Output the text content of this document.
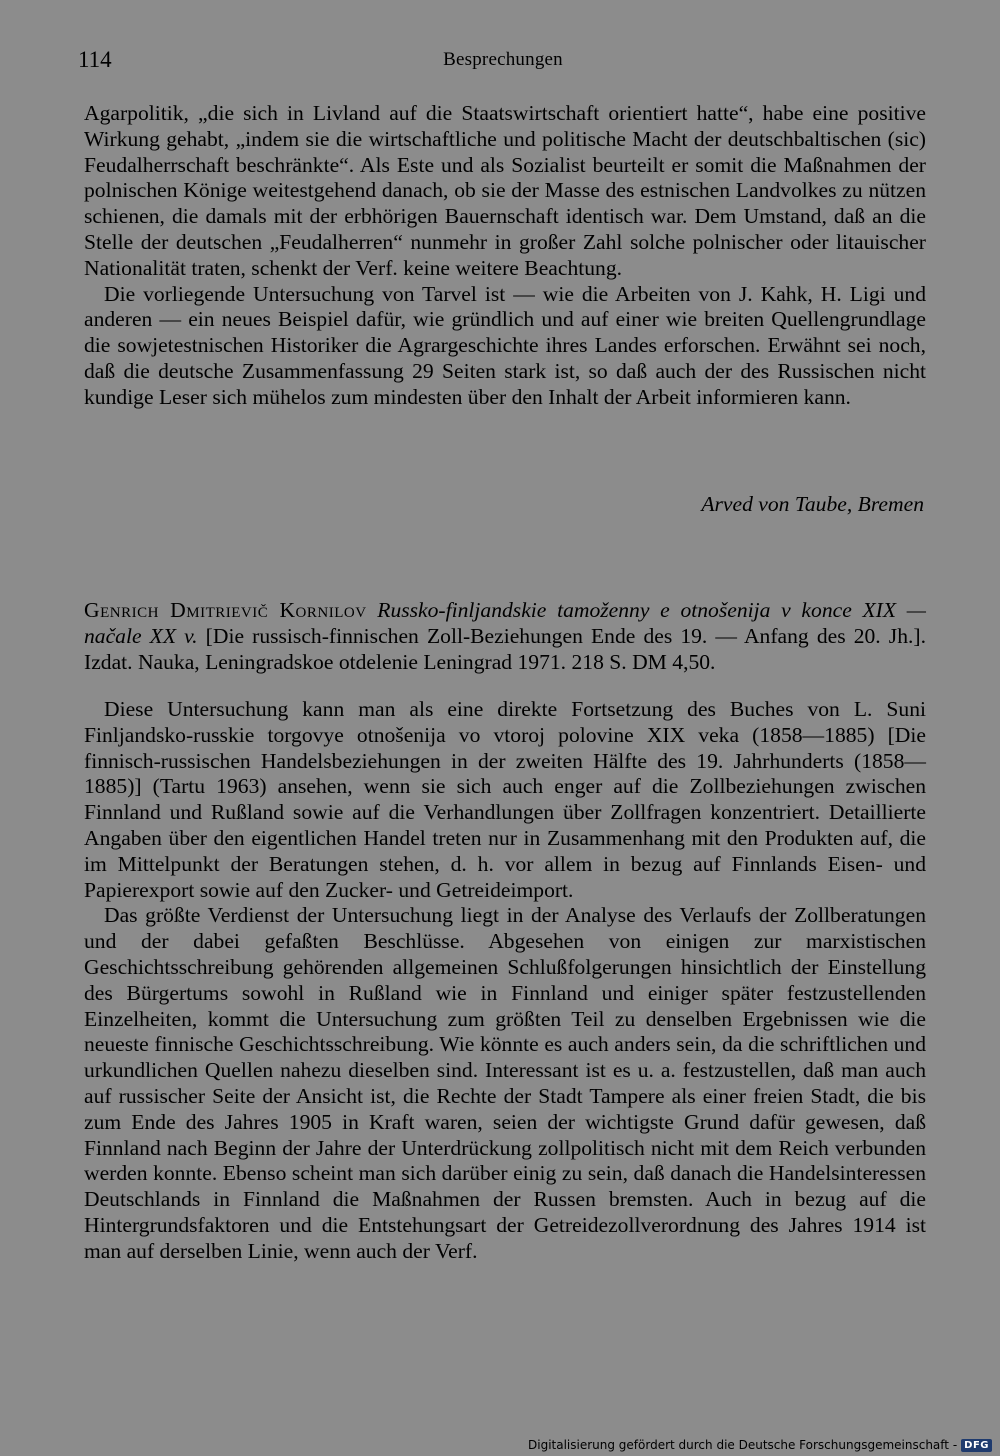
114	Besprechungen

Agarpolitik, „die sich in Livland auf die Staatswirtschaft orientiert hatte“, habe eine positive Wirkung gehabt, „indem sie die wirtschaftliche und politische Macht der deutschbaltischen (sic) Feudalherrschaft beschränkte“. Als Este und als Sozialist beurteilt er somit die Maßnahmen der polnischen Könige weitestgehend danach, ob sie der Masse des estnischen Landvolkes zu nützen schienen, die damals mit der erbhörigen Bauernschaft identisch war. Dem Umstand, daß an die Stelle der deutschen „Feudalherren“ nunmehr in großer Zahl solche polnischer oder litauischer Nationalität traten, schenkt der Verf. keine weitere Beachtung.

Die vorliegende Untersuchung von Tarvel ist — wie die Arbeiten von J. Kahk, H. Ligi und anderen — ein neues Beispiel dafür, wie gründlich und auf einer wie breiten Quellengrundlage die sowjetestnischen Historiker die Agrargeschichte ihres Landes erforschen. Erwähnt sei noch, daß die deutsche Zusammenfassung 29 Seiten stark ist, so daß auch der des Russischen nicht kundige Leser sich mühelos zum mindesten über den Inhalt der Arbeit informieren kann.

Arved von Taube, Bremen
Genrich Dmitrievič Kornilov Russko-finljandskie tamoženny e otnošenija v konce XIX — načale XX v. [Die russisch-finnischen Zoll-Beziehungen Ende des 19. — Anfang des 20. Jh.]. Izdat. Nauka, Leningradskoe otdelenie Leningrad 1971. 218 S. DM 4,50.

Diese Untersuchung kann man als eine direkte Fortsetzung des Buches von L. Suni Finljandsko-russkie torgovye otnošenija vo vtoroj polovine XIX veka (1858—1885) [Die finnisch-russischen Handelsbeziehungen in der zweiten Hälfte des 19. Jahrhunderts (1858—1885)] (Tartu 1963) ansehen, wenn sie sich auch enger auf die Zollbeziehungen zwischen Finnland und Rußland sowie auf die Verhandlungen über Zollfragen konzentriert. Detaillierte Angaben über den eigentlichen Handel treten nur in Zusammenhang mit den Produkten auf, die im Mittelpunkt der Beratungen stehen, d. h. vor allem in bezug auf Finnlands Eisen- und Papierexport sowie auf den Zucker- und Getreideimport.

Das größte Verdienst der Untersuchung liegt in der Analyse des Verlaufs der Zollberatungen und der dabei gefaßten Beschlüsse. Abgesehen von einigen zur marxistischen Geschichtsschreibung gehörenden allgemeinen Schlußfolgerungen hinsichtlich der Einstellung des Bürgertums sowohl in Rußland wie in Finnland und einiger später festzustellenden Einzelheiten, kommt die Untersuchung zum größten Teil zu denselben Ergebnissen wie die neueste finnische Geschichtsschreibung. Wie könnte es auch anders sein, da die schriftlichen und urkundlichen Quellen nahezu dieselben sind. Interessant ist es u. a. festzustellen, daß man auch auf russischer Seite der Ansicht ist, die Rechte der Stadt Tampere als einer freien Stadt, die bis zum Ende des Jahres 1905 in Kraft waren, seien der wichtigste Grund dafür gewesen, daß Finnland nach Beginn der Jahre der Unterdrückung zollpolitisch nicht mit dem Reich verbunden werden konnte. Ebenso scheint man sich darüber einig zu sein, daß danach die Handelsinteressen Deutschlands in Finnland die Maßnahmen der Russen bremsten. Auch in bezug auf die Hintergrundsfaktoren und die Entstehungsart der Getreidezollverordnung des Jahres 1914 ist man auf derselben Linie, wenn auch der Verf.

Digitalisierung gefördert durch die Deutsche Forschungsgemeinschaft - DFG
